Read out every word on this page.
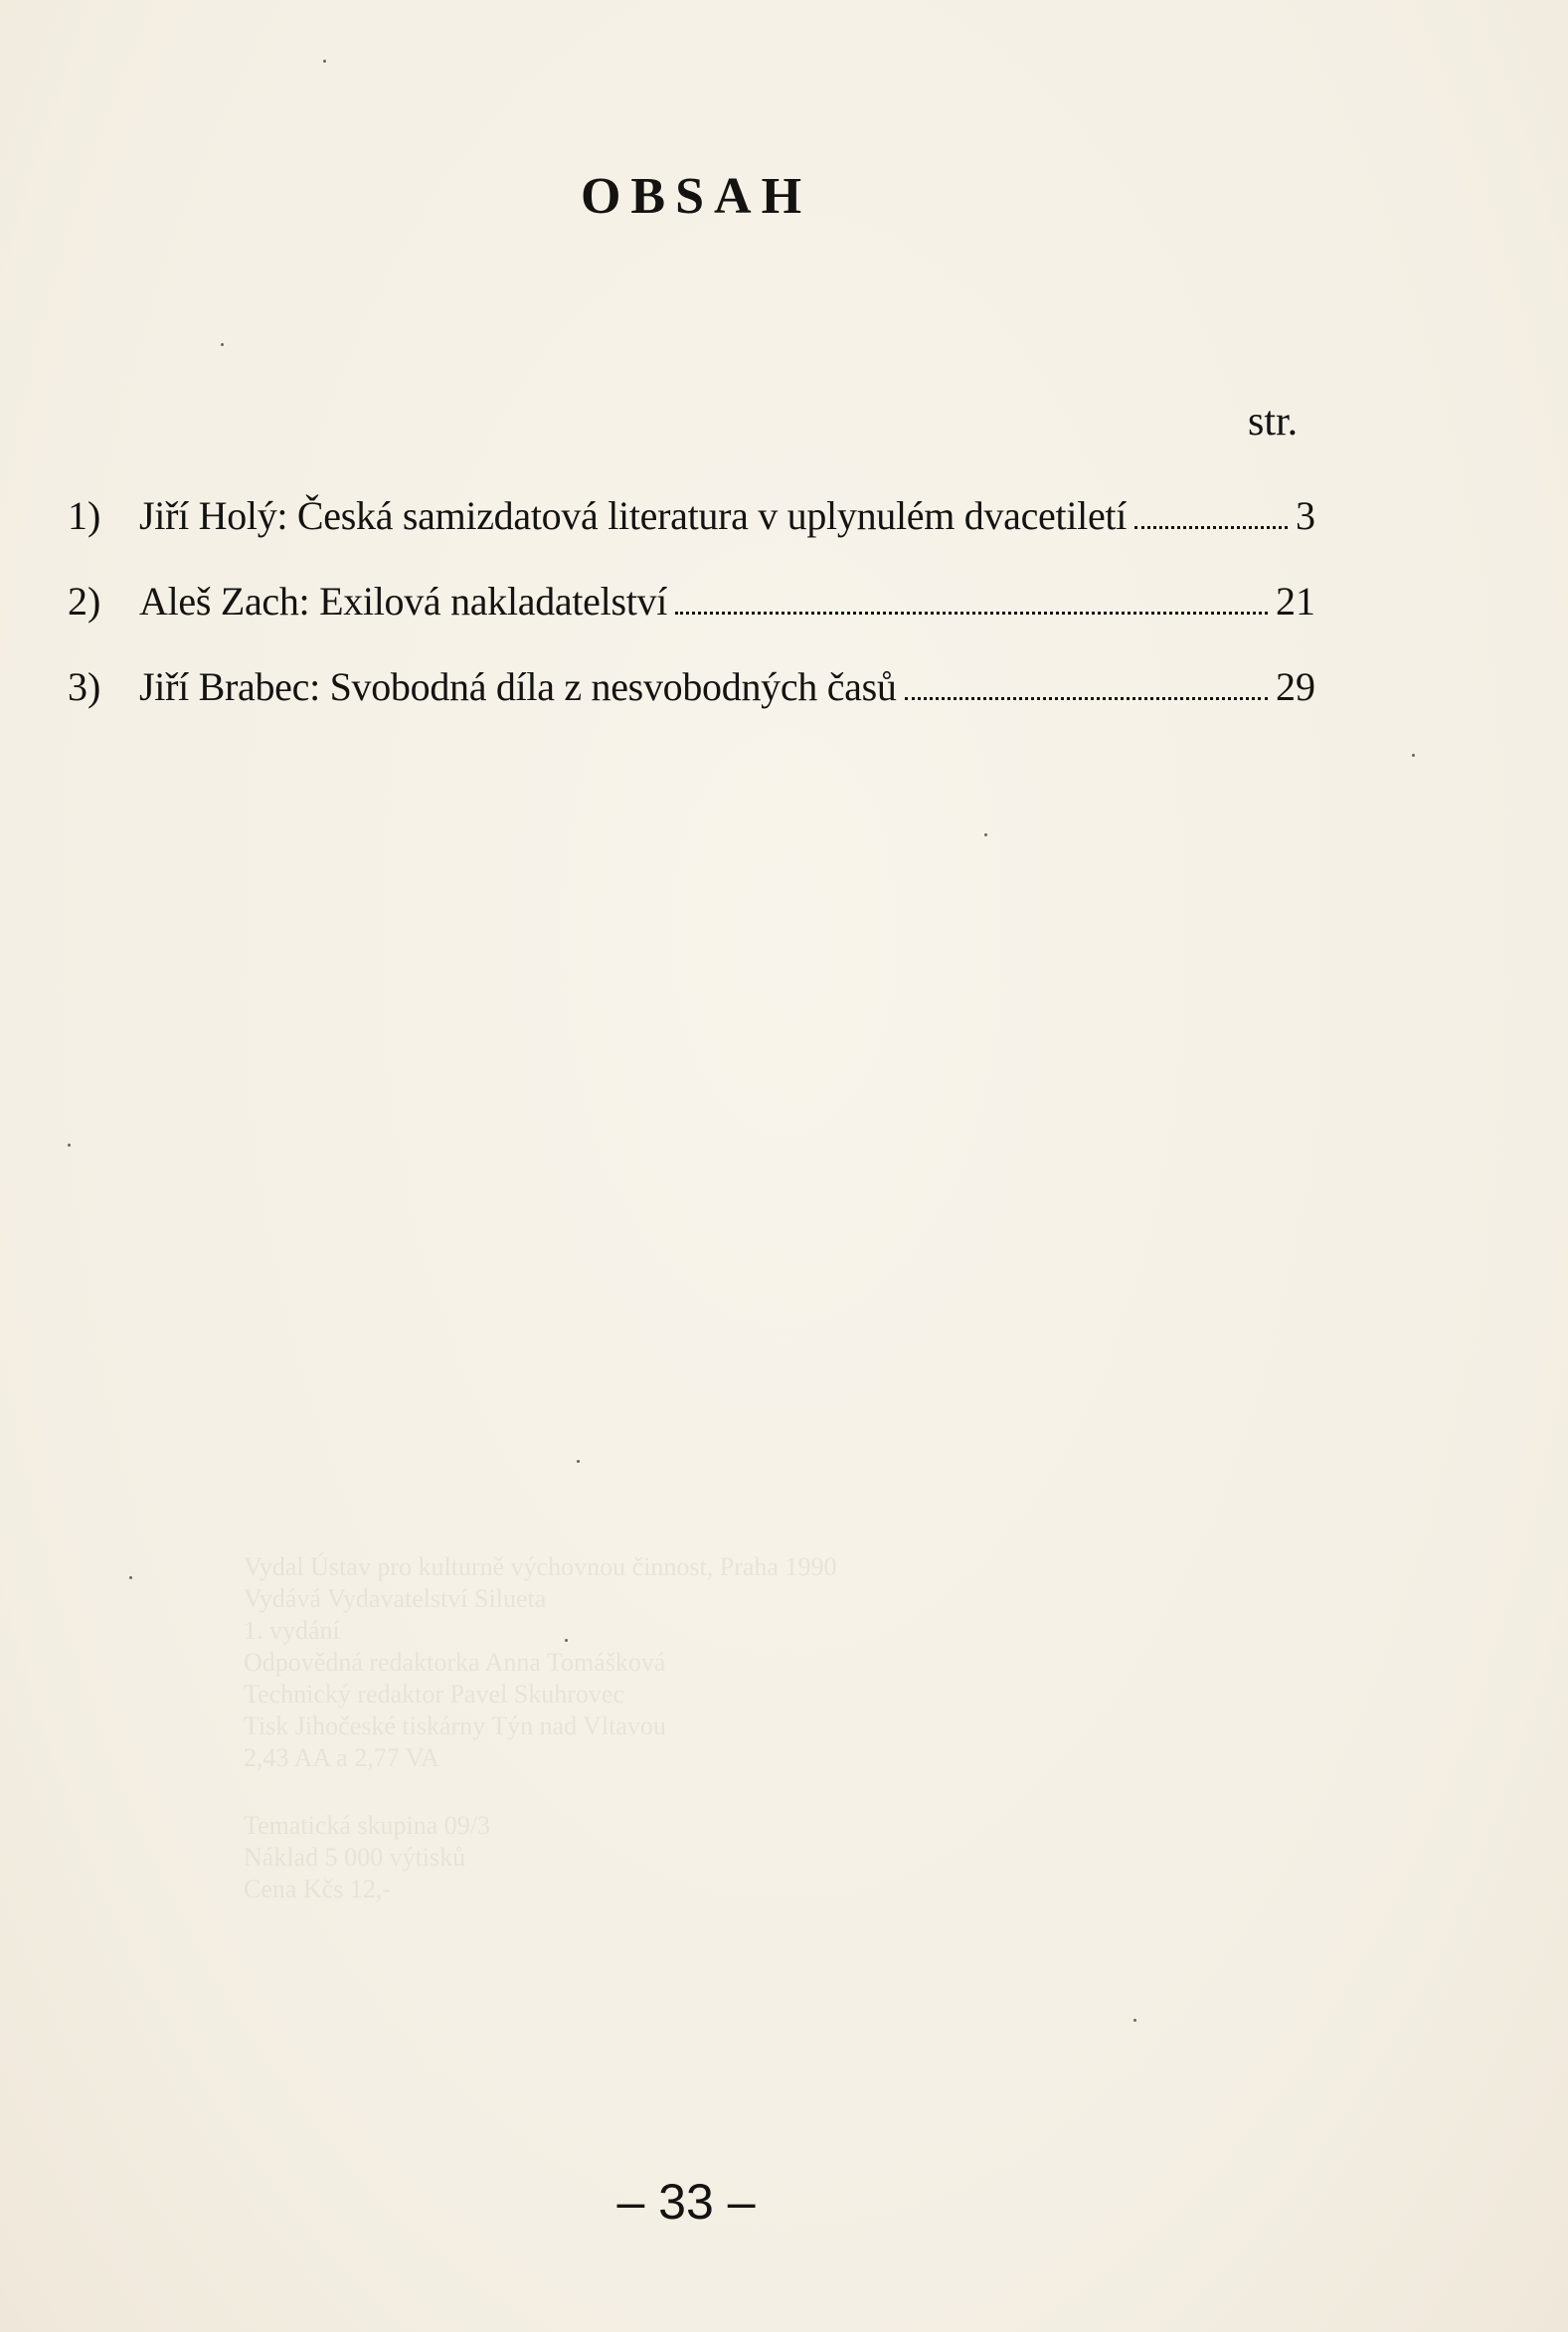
OBSAH
str.
1) Jiří Holý: Česká samizdatová literatura v uplynulém dvacetiletí	3
2) Aleš Zach: Exilová nakladatelství	21
3) Jiří Brabec: Svobodná díla z nesvobodných časů	29
Vydal Ústav pro kulturně výchovnou činnost, Praha 1990
Vydává Vydavatelství Silueta
1. vydání
Odpovědná redaktorka Anna Tomášková
Technický redaktor Pavel Skuhrovec
Tisk Jihočeské tiskárny Týn nad Vltavou
2,43 AA a 2,77 VA
Tematická skupina 09/3
Náklad 5 000 výtisků
Cena Kčs 12,-
– 33 –
